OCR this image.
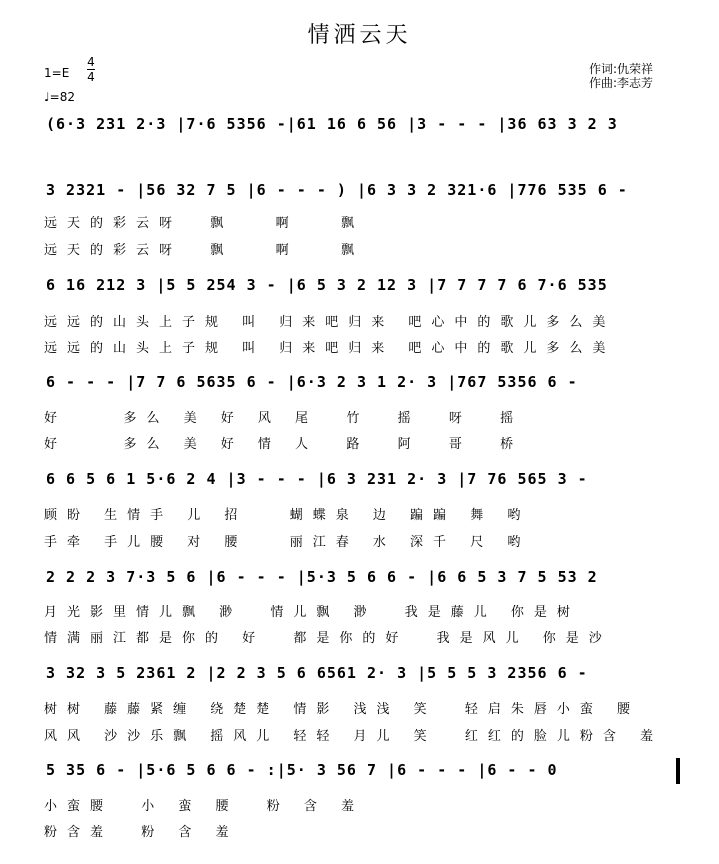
情洒云天
1=E
4
4
♩=82
作词:仇荣祥
作曲:李志芳
(6·3 231 2·3 |7·6 5356 -|61 16 6 56 |3 - - - |36 63 3 2 3
3 2321 - |56 32 7 5 |6 - - - ) |6 3 3 2 321·6 |776 535 6 -
远天的彩云呀  飘   啊   飘
远天的彩云呀  飘   啊   飘
6 16 212 3 |5 5 254 3 - |6 5 3 2 12 3 |7 7 7 7 6 7·6 535
远远的山头上子规 叫 归来吧归来 吧心中的歌儿多么美
远远的山头上子规 叫 归来吧归来 吧心中的歌儿多么美
6 - - - |7 7 6 5635 6 - |6·3 2 3 1 2· 3 |767 5356 6 -
好    多么 美 好 风 尾  竹  摇  呀  摇
好    多么 美 好 情 人  路  阿  哥  桥
6 6 5 6 1 5·6 2 4 |3 - - - |6 3 231 2· 3 |7 76 565 3 -
顾盼 生情手 儿 招   蝴蝶泉 边 蹁蹁 舞 哟
手牵 手儿腰 对 腰   丽江春 水 深千 尺 哟
2 2 2 3 7·3 5 6 |6 - - - |5·3 5 6 6 - |6 6 5 3 7 5 53 2
月光影里情儿飘 渺  情儿飘 渺  我是藤儿 你是树
情满丽江都是你的 好  都是你的好  我是风儿 你是沙
3 32 3 5 2361 2 |2 2 3 5 6 6561 2· 3 |5 5 5 3 2356 6 -
树树 藤藤紧缠 绕楚楚 情影 浅浅 笑  轻启朱唇小蛮 腰
风风 沙沙乐飘 摇风儿 轻轻 月儿 笑  红红的脸儿粉含 羞
5 35 6 - |5·6 5 6 6 - :|5· 3 56 7 |6 - - - |6 - - 0
小蛮腰  小 蛮 腰  粉 含 羞
粉含羞  粉 含 羞
